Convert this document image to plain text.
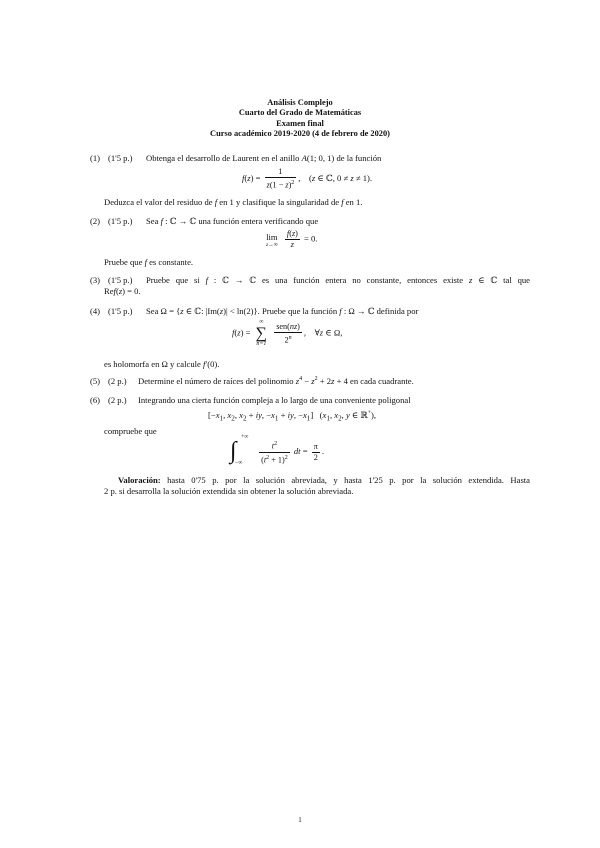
Análisis Complejo
Cuarto del Grado de Matemáticas
Examen final
Curso académico 2019-2020 (4 de febrero de 2020)
(1) (1'5 p.) Obtenga el desarrollo de Laurent en el anillo A(1; 0, 1) de la función
$f(z) = \frac{1}{z(1 - z)^2}$ ,    (z ∈ ℂ, 0 ≠ z ≠ 1).
Deduzca el valor del residuo de f en 1 y clasifique la singularidad de f en 1.
(2) (1'5 p.) Sea f : ℂ → ℂ una función entera verificando que
lim
z→∞
$\frac{f(z)}{z} = 0$.
Pruebe que f es constante.
(3) (1'5 p.) Pruebe que si f : ℂ → ℂ es una función entera no constante, entonces existe z ∈ ℂ tal que
Ref(z) = 0.
(4) (1'5 p.) Sea Ω = {z ∈ ℂ: |Im(z)| < ln(2)}. Pruebe que la función f : Ω → ℂ definida por
f(z) =
∞
∑
n=1
$\frac{\text{sen(nz)}}{2^n}$ ,    ∀z ∈ Ω,
es holomorfa en Ω y calcule f′(0).
(5) (2 p.) Determine el número de raíces del polinomio $z^4 - z^2 + 2z + 4$ en cada cuadrante.
(6) (2 p.) Integrando una cierta función compleja a lo largo de una conveniente poligonal
[$-x_1$, $x_2$, $x_2$ + iy, $-x_1$ + iy, $-x_1$]   ($x_1$, $x_2$, y ∈ ℝ+),
compruebe que
∫
+∞
−∞
$\frac{t^2}{(t^2 + 1)^2}$ dt = $\frac{\pi}{2}$ .
Valoración: hasta 0'75 p. por la solución abreviada, y hasta 1'25 p. por la solución extendida. Hasta
2 p. si desarrolla la solución extendida sin obtener la solución abreviada.
1
